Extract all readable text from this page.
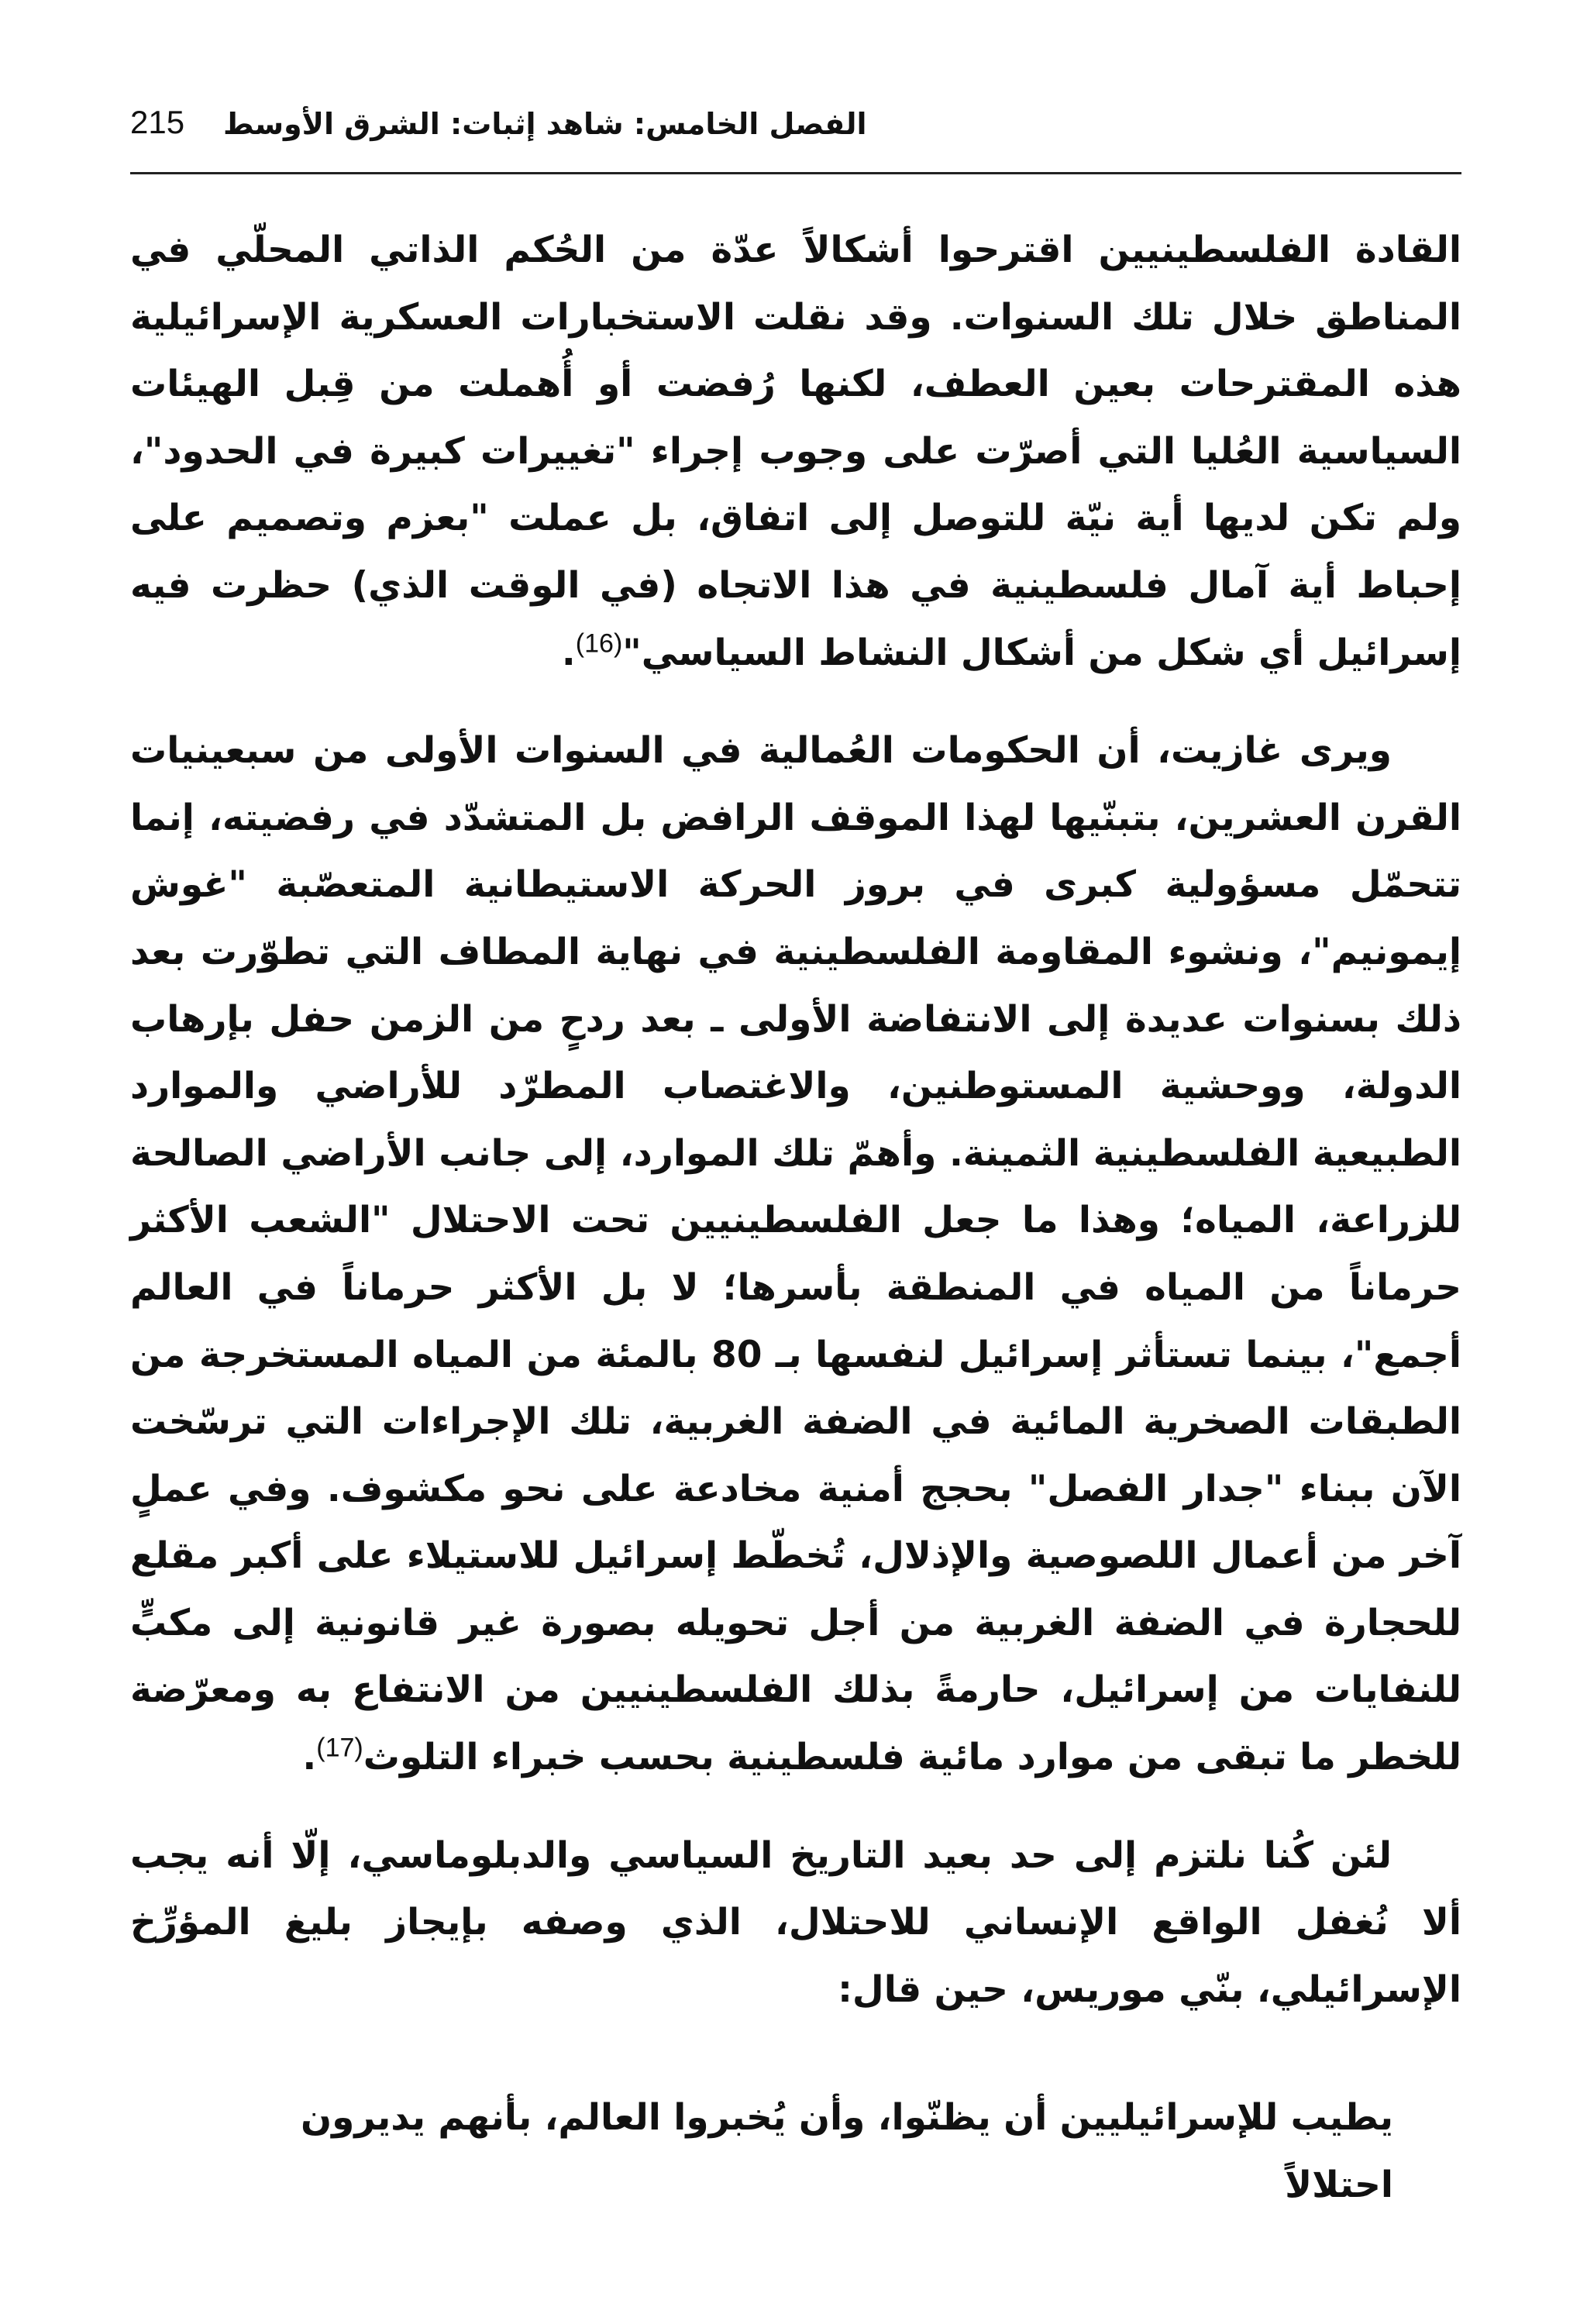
الفصل الخامس: شاهد إثبات: الشرق الأوسط
215

القادة الفلسطينيين اقترحوا أشكالاً عدّة من الحُكم الذاتي المحلّي في المناطق خلال تلك السنوات. وقد نقلت الاستخبارات العسكرية الإسرائيلية هذه المقترحات بعين العطف، لكنها رُفضت أو أُهملت من قِبل الهيئات السياسية العُليا التي أصرّت على وجوب إجراء "تغييرات كبيرة في الحدود"، ولم تكن لديها أية نيّة للتوصل إلى اتفاق، بل عملت "بعزم وتصميم على إحباط أية آمال فلسطينية في هذا الاتجاه (في الوقت الذي) حظرت فيه إسرائيل أي شكل من أشكال النشاط السياسي"$^{(16)}$.

ويرى غازيت، أن الحكومات العُمالية في السنوات الأولى من سبعينيات القرن العشرين، بتبنّيها لهذا الموقف الرافض بل المتشدّد في رفضيته، إنما تتحمّل مسؤولية كبرى في بروز الحركة الاستيطانية المتعصّبة "غوش إيمونيم"، ونشوء المقاومة الفلسطينية في نهاية المطاف التي تطوّرت بعد ذلك بسنوات عديدة إلى الانتفاضة الأولى ـ بعد ردحٍ من الزمن حفل بإرهاب الدولة، ووحشية المستوطنين، والاغتصاب المطرّد للأراضي والموارد الطبيعية الفلسطينية الثمينة. وأهمّ تلك الموارد، إلى جانب الأراضي الصالحة للزراعة، المياه؛ وهذا ما جعل الفلسطينيين تحت الاحتلال "الشعب الأكثر حرماناً من المياه في المنطقة بأسرها؛ لا بل الأكثر حرماناً في العالم أجمع"، بينما تستأثر إسرائيل لنفسها بـ 80 بالمئة من المياه المستخرجة من الطبقات الصخرية المائية في الضفة الغربية، تلك الإجراءات التي ترسّخت الآن ببناء "جدار الفصل" بحجج أمنية مخادعة على نحو مكشوف. وفي عملٍ آخر من أعمال اللصوصية والإذلال، تُخطّط إسرائيل للاستيلاء على أكبر مقلع للحجارة في الضفة الغربية من أجل تحويله بصورة غير قانونية إلى مكبٍّ للنفايات من إسرائيل، حارمةً بذلك الفلسطينيين من الانتفاع به ومعرّضة للخطر ما تبقى من موارد مائية فلسطينية بحسب خبراء التلوث$^{(17)}$.

لئن كُنا نلتزم إلى حد بعيد التاريخ السياسي والدبلوماسي، إلّا أنه يجب ألا نُغفل الواقع الإنساني للاحتلال، الذي وصفه بإيجاز بليغ المؤرِّخ الإسرائيلي، بنّي موريس، حين قال:

يطيب للإسرائيليين أن يظنّوا، وأن يُخبروا العالم، بأنهم يديرون احتلالاً
